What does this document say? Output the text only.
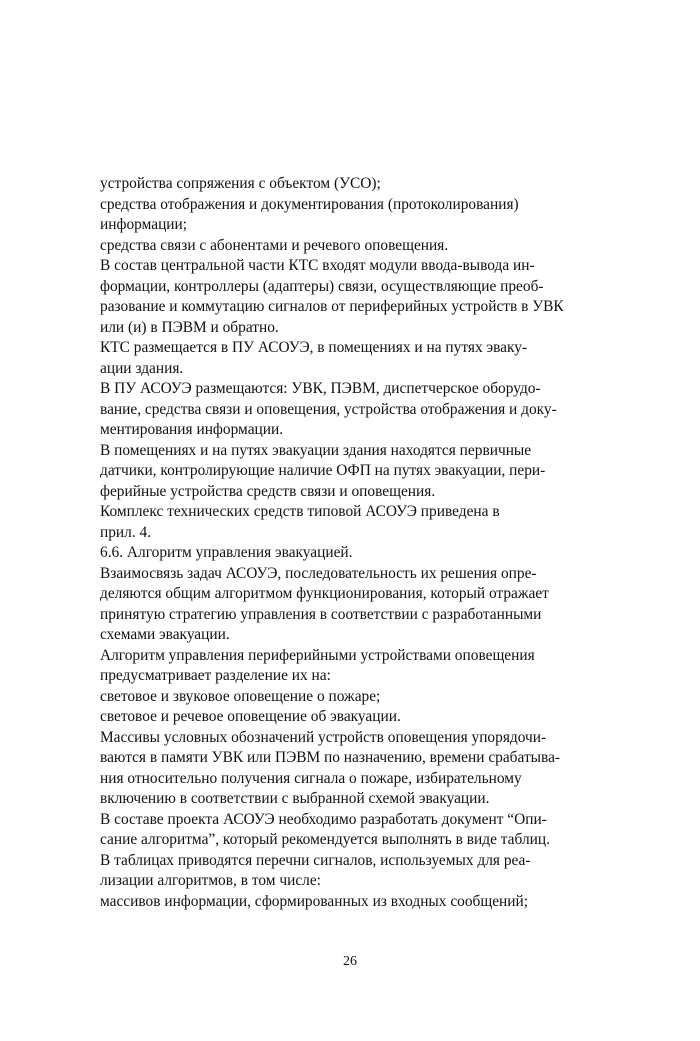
устройства сопряжения с объектом (УСО);

средства отображения и документирования (протоколирования)
информации;

средства связи с абонентами и речевого оповещения.

В состав центральной части КТС входят модули ввода-вывода ин-
формации, контроллеры (адаптеры) связи, осуществляющие преоб-
разование и коммутацию сигналов от периферийных устройств в УВК
или (и) в ПЭВМ и обратно.

КТС размещается в ПУ АСОУЭ, в помещениях и на путях эваку-
ации здания.

В ПУ АСОУЭ размещаются: УВК, ПЭВМ, диспетчерское оборудо-
вание, средства связи и оповещения, устройства отображения и доку-
ментирования информации.

В помещениях и на путях эвакуации здания находятся первичные
датчики, контролирующие наличие ОФП на путях эвакуации, пери-
ферийные устройства средств связи и оповещения.

Комплекс технических средств типовой АСОУЭ приведена в
прил. 4.

6.6. Алгоритм управления эвакуацией.

Взаимосвязь задач АСОУЭ, последовательность их решения опре-
деляются общим алгоритмом функционирования, который отражает
принятую стратегию управления в соответствии с разработанными
схемами эвакуации.

Алгоритм управления периферийными устройствами оповещения
предусматривает разделение их на:

световое и звуковое оповещение о пожаре;

световое и речевое оповещение об эвакуации.

Массивы условных обозначений устройств оповещения упорядочи-
ваются в памяти УВК или ПЭВМ по назначению, времени срабатыва-
ния относительно получения сигнала о пожаре, избирательному
включению в соответствии с выбранной схемой эвакуации.

В составе проекта АСОУЭ необходимо разработать документ “Опи-
сание алгоритма”, который рекомендуется выполнять в виде таблиц.

В таблицах приводятся перечни сигналов, используемых для реа-
лизации алгоритмов, в том числе:

массивов информации, сформированных из входных сообщений;

26
